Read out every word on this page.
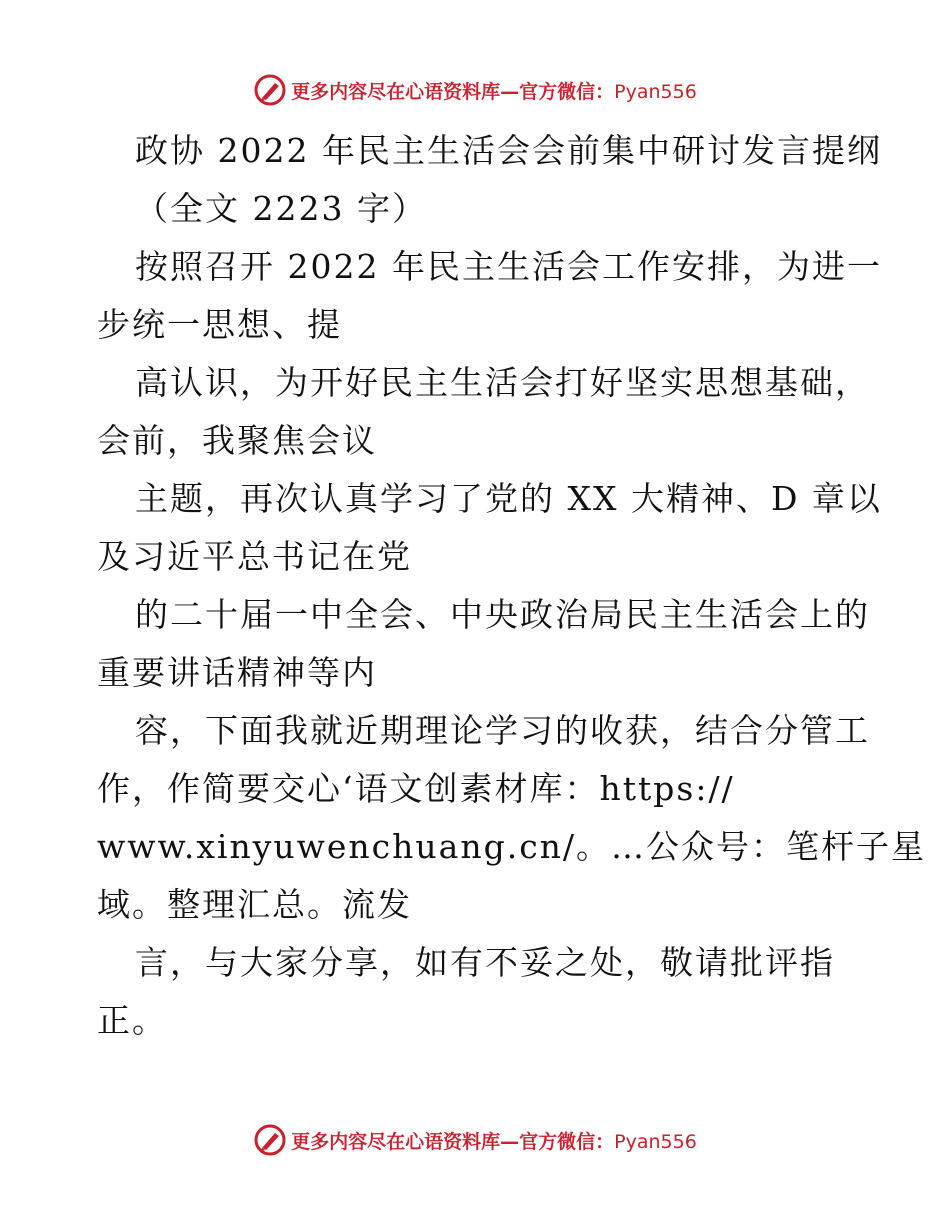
更多内容尽在心语资料库—官方微信：Pyan556
政协 2022 年民主生活会会前集中研讨发言提纲
（全文 2223 字）
按照召开 2022 年民主生活会工作安排，为进一
步统一思想、提
高认识，为开好民主生活会打好坚实思想基础，
会前，我聚焦会议
主题，再次认真学习了党的 XX 大精神、D 章以
及习近平总书记在党
的二十届一中全会、中央政治局民主生活会上的
重要讲话精神等内
容，下面我就近期理论学习的收获，结合分管工
作，作简要交心‘语文创素材库：https://
www.xinyuwenchuang.cn/。…公众号：笔杆子星
域。整理汇总。流发
言，与大家分享，如有不妥之处，敬请批评指
正。
更多内容尽在心语资料库—官方微信：Pyan556
